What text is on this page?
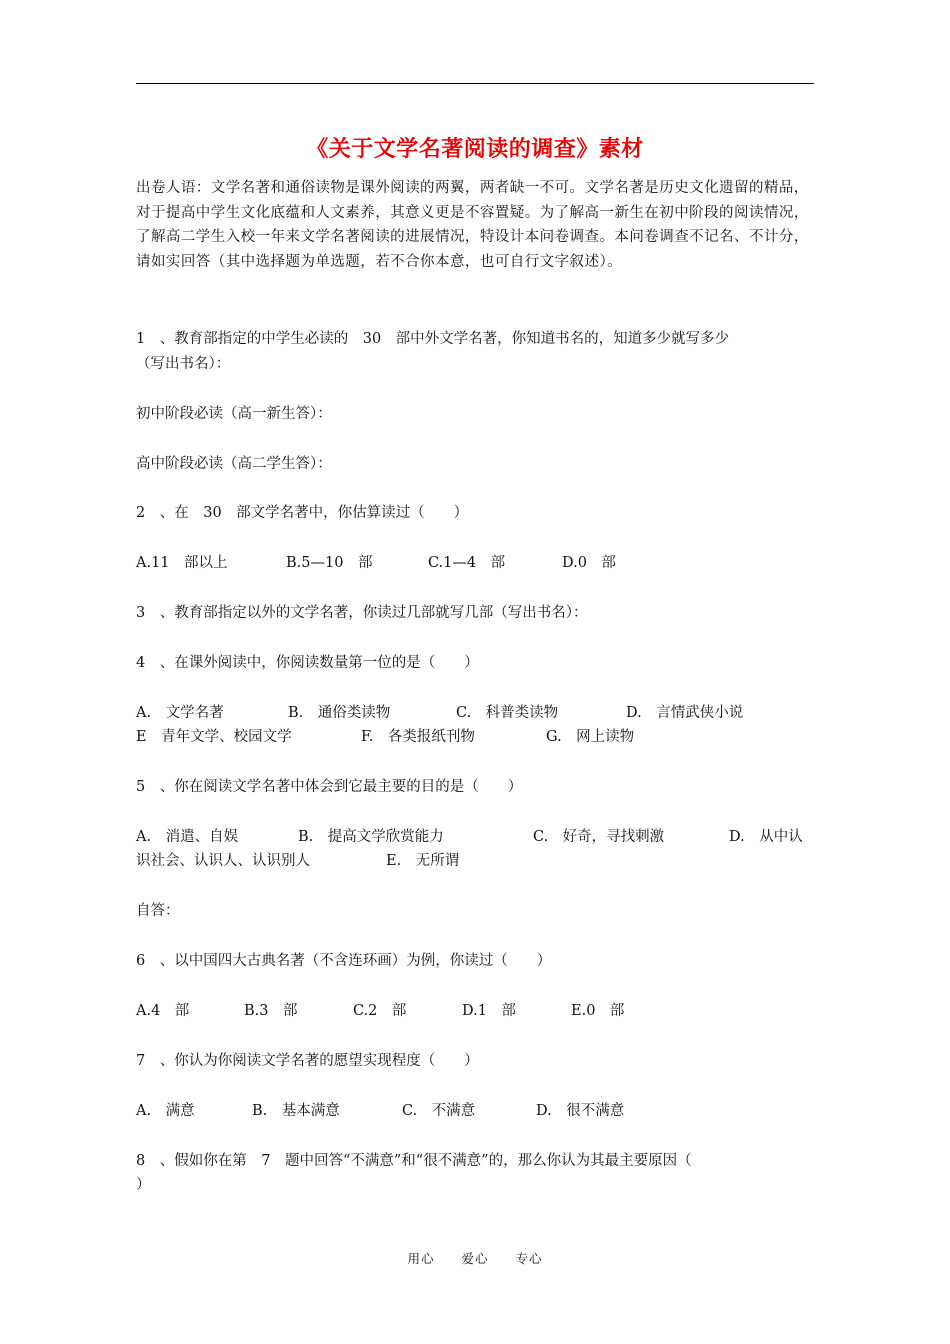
《关于文学名著阅读的调查》素材
出卷人语：文学名著和通俗读物是课外阅读的两翼，两者缺一不可。文学名著是历史文化遗留的精品，对于提高中学生文化底蕴和人文素养，其意义更是不容置疑。为了解高一新生在初中阶段的阅读情况，了解高二学生入校一年来文学名著阅读的进展情况，特设计本问卷调查。本问卷调查不记名、不计分，请如实回答（其中选择题为单选题，若不合你本意，也可自行文字叙述）。
1　、教育部指定的中学生必读的　30　部中外文学名著，你知道书名的，知道多少就写多少
（写出书名）：
初中阶段必读（高一新生答）：
高中阶段必读（高二学生答）：
2　、在　30　部文学名著中，你估算读过（　　）
A.11　部以上	B.5—10　部	C.1—4　部	D.0　部
3　、教育部指定以外的文学名著，你读过几部就写几部（写出书名）：
4　、在课外阅读中，你阅读数量第一位的是（　　）
A.　文学名著	B.　通俗类读物	C.　科普类读物	D.　言情武侠小说
E　青年文学、校园文学	F.　各类报纸刊物	G.　网上读物
5　、你在阅读文学名著中体会到它最主要的目的是（　　）
A.　消遣、自娱	B.　提高文学欣赏能力	C.　好奇，寻找刺激	D.　从中认
识社会、认识人、认识别人	E.　无所谓
自答：
6　、以中国四大古典名著（不含连环画）为例，你读过（　　）
A.4　部	B.3　部	C.2　部	D.1　部	E.0　部
7　、你认为你阅读文学名著的愿望实现程度（　　）
A.　满意	B.　基本满意	C.　不满意	D.　很不满意
8　、假如你在第　7　题中回答“不满意”和“很不满意”的，那么你认为其最主要原因（
）
用心　　爱心　　专心
